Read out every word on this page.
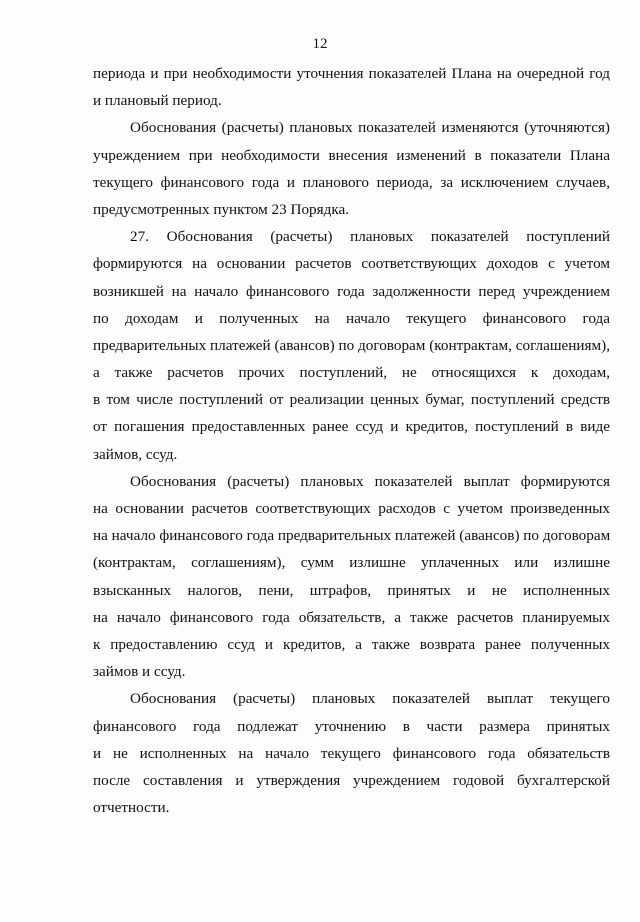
12
периода и при необходимости уточнения показателей Плана на очередной год
и плановый период.
Обоснования (расчеты) плановых показателей изменяются (уточняются)
учреждением при необходимости внесения изменений в показатели Плана
текущего финансового года и планового периода, за исключением случаев,
предусмотренных пунктом 23 Порядка.
27. Обоснования (расчеты) плановых показателей поступлений
формируются на основании расчетов соответствующих доходов с учетом
возникшей на начало финансового года задолженности перед учреждением
по доходам и полученных на начало текущего финансового года
предварительных платежей (авансов) по договорам (контрактам, соглашениям),
а также расчетов прочих поступлений, не относящихся к доходам,
в том числе поступлений от реализации ценных бумаг, поступлений средств
от погашения предоставленных ранее ссуд и кредитов, поступлений в виде
займов, ссуд.
Обоснования (расчеты) плановых показателей выплат формируются
на основании расчетов соответствующих расходов с учетом произведенных
на начало финансового года предварительных платежей (авансов) по договорам
(контрактам, соглашениям), сумм излишне уплаченных или излишне
взысканных налогов, пени, штрафов, принятых и не исполненных
на начало финансового года обязательств, а также расчетов планируемых
к предоставлению ссуд и кредитов, а также возврата ранее полученных
займов и ссуд.
Обоснования (расчеты) плановых показателей выплат текущего
финансового года подлежат уточнению в части размера принятых
и не исполненных на начало текущего финансового года обязательств
после составления и утверждения учреждением годовой бухгалтерской
отчетности.
